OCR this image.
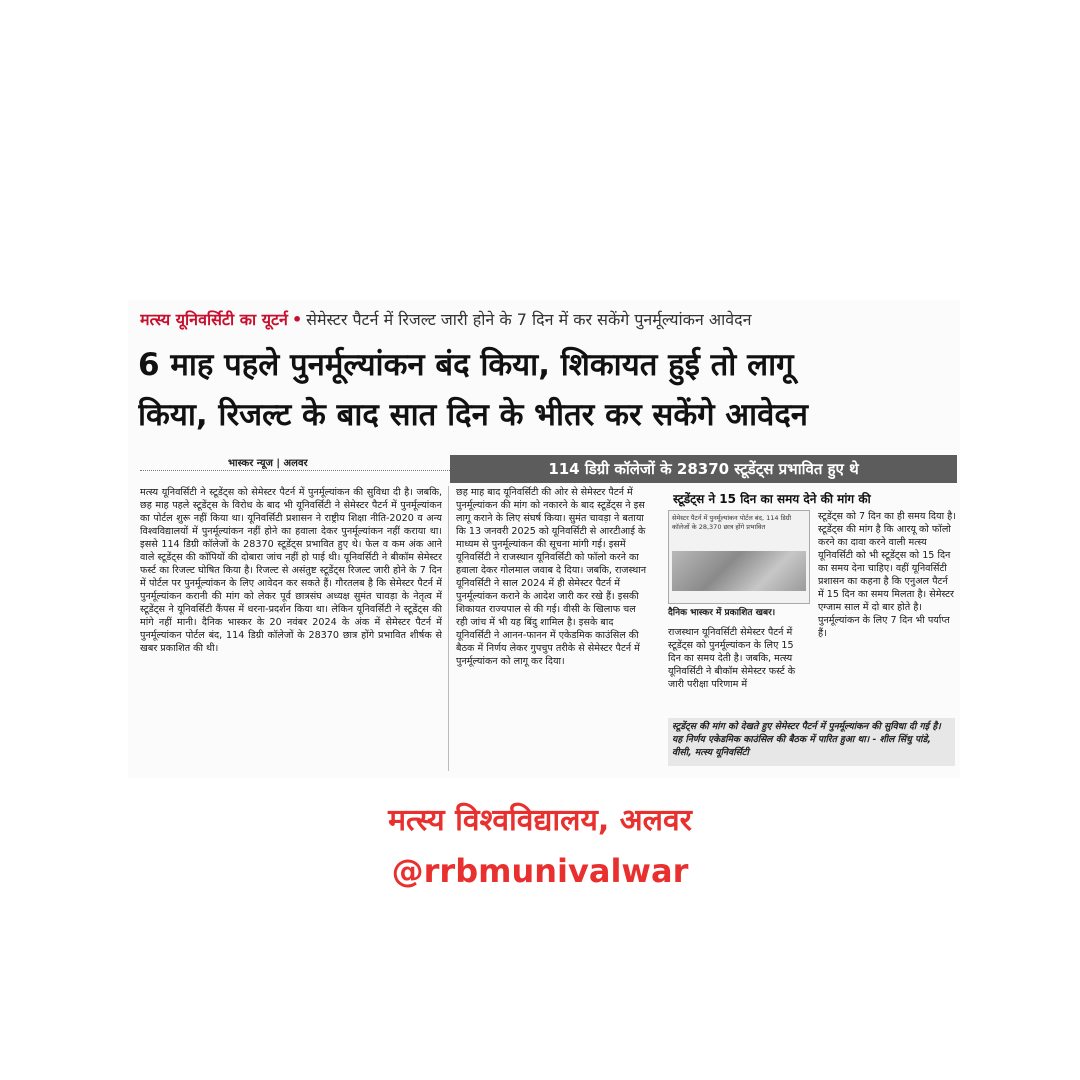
मत्स्य यूनिवर्सिटी का यूटर्न • सेमेस्टर पैटर्न में रिजल्ट जारी होने के 7 दिन में कर सकेंगे पुनर्मूल्यांकन आवेदन
6 माह पहले पुनर्मूल्यांकन बंद किया, शिकायत हुई तो लागू
किया, रिजल्ट के बाद सात दिन के भीतर कर सकेंगे आवेदन
भास्कर न्यूज | अलवर	114 डिग्री कॉलेजों के 28370 स्टूडेंट्स प्रभावित हुए थे
मत्स्य यूनिवर्सिटी ने स्टूडेंट्स को सेमेस्टर पैटर्न में पुनर्मूल्यांकन की सुविधा दी है। जबकि, छह माह पहले स्टूडेंट्स के विरोध के बाद भी यूनिवर्सिटी ने सेमेस्टर पैटर्न में पुनर्मूल्यांकन का पोर्टल शुरू नहीं किया था। यूनिवर्सिटी प्रशासन ने राष्ट्रीय शिक्षा नीति-2020 व अन्य विश्वविद्यालयों में पुनर्मूल्यांकन नहीं होने का हवाला देकर पुनर्मूल्यांकन नहीं कराया था। इससे 114 डिग्री कॉलेजों के 28370 स्टूडेंट्स प्रभावित हुए थे। फेल व कम अंक आने वाले स्टूडेंट्स की कॉपियों की दोबारा जांच नहीं हो पाई थी। यूनिवर्सिटी ने बीकॉम सेमेस्टर फर्स्ट का रिजल्ट घोषित किया है। रिजल्ट से असंतुष्ट स्टूडेंट्स रिजल्ट जारी होने के 7 दिन में पोर्टल पर पुनर्मूल्यांकन के लिए आवेदन कर सकते हैं। गौरतलब है कि सेमेस्टर पैटर्न में पुनर्मूल्यांकन करानी की मांग को लेकर पूर्व छात्रसंघ अध्यक्ष सुमंत चावड़ा के नेतृत्व में स्टूडेंट्स ने यूनिवर्सिटी कैंपस में धरना-प्रदर्शन किया था। लेकिन यूनिवर्सिटी ने स्टूडेंट्स की मांगे नहीं मानी। दैनिक भास्कर के 20 नवंबर 2024 के अंक में सेमेस्टर पैटर्न में पुनर्मूल्यांकन पोर्टल बंद, 114 डिग्री कॉलेजों के 28370 छात्र होंगे प्रभावित शीर्षक से खबर प्रकाशित की थी।
छह माह बाद यूनिवर्सिटी की ओर से सेमेस्टर पैटर्न में पुनर्मूल्यांकन की मांग को नकारने के बाद स्टूडेंट्स ने इस लागू कराने के लिए संघर्ष किया। सुमंत चावड़ा ने बताया कि 13 जनवरी 2025 को यूनिवर्सिटी से आरटीआई के माध्यम से पुनर्मूल्यांकन की सूचना मांगी गई। इसमें यूनिवर्सिटी ने राजस्थान यूनिवर्सिटी को फॉलो करने का हवाला देकर गोलमाल जवाब दे दिया। जबकि, राजस्थान यूनिवर्सिटी ने साल 2024 में ही सेमेस्टर पैटर्न में पुनर्मूल्यांकन कराने के आदेश जारी कर रखे हैं। इसकी शिकायत राज्यपाल से की गई। वीसी के खिलाफ चल रही जांच में भी यह बिंदु शामिल है। इसके बाद यूनिवर्सिटी ने आनन-फानन में एकेडमिक काउंसिल की बैठक में निर्णय लेकर गुपचुप तरीके से सेमेस्टर पैटर्न में पुनर्मूल्यांकन को लागू कर दिया।
स्टूडेंट्स ने 15 दिन का समय देने की मांग की
सेमेस्टर पैटर्न में पुनर्मूल्यांकन पोर्टल बंद, 114 डिग्री कॉलेजों के 28,370 छात्र होंगे प्रभावित
दैनिक भास्कर में प्रकाशित खबर।
राजस्थान यूनिवर्सिटी सेमेस्टर पैटर्न में स्टूडेंट्स को पुनर्मूल्यांकन के लिए 15 दिन का समय देती है। जबकि, मत्स्य यूनिवर्सिटी ने बीकॉम सेमेस्टर फर्स्ट के जारी परीक्षा परिणाम में
स्टूडेंट्स को 7 दिन का ही समय दिया है। स्टूडेंट्स की मांग है कि आरयू को फॉलो करने का दावा करने वाली मत्स्य यूनिवर्सिटी को भी स्टूडेंट्स को 15 दिन का समय देना चाहिए। वहीं यूनिवर्सिटी प्रशासन का कहना है कि एनुअल पैटर्न में 15 दिन का समय मिलता है। सेमेस्टर एग्जाम साल में दो बार होते है। पुनर्मूल्यांकन के लिए 7 दिन भी पर्याप्त हैं।
स्टूडेंट्स की मांग को देखते हुए सेमेस्टर पैटर्न में पुनर्मूल्यांकन की सुविधा दी गई है। यह निर्णय एकेडमिक काउंसिल की बैठक में पारित हुआ था। - शील सिंधु पांडे, वीसी, मत्स्य यूनिवर्सिटी
मत्स्य विश्वविद्यालय, अलवर
@rrbmunivalwar
